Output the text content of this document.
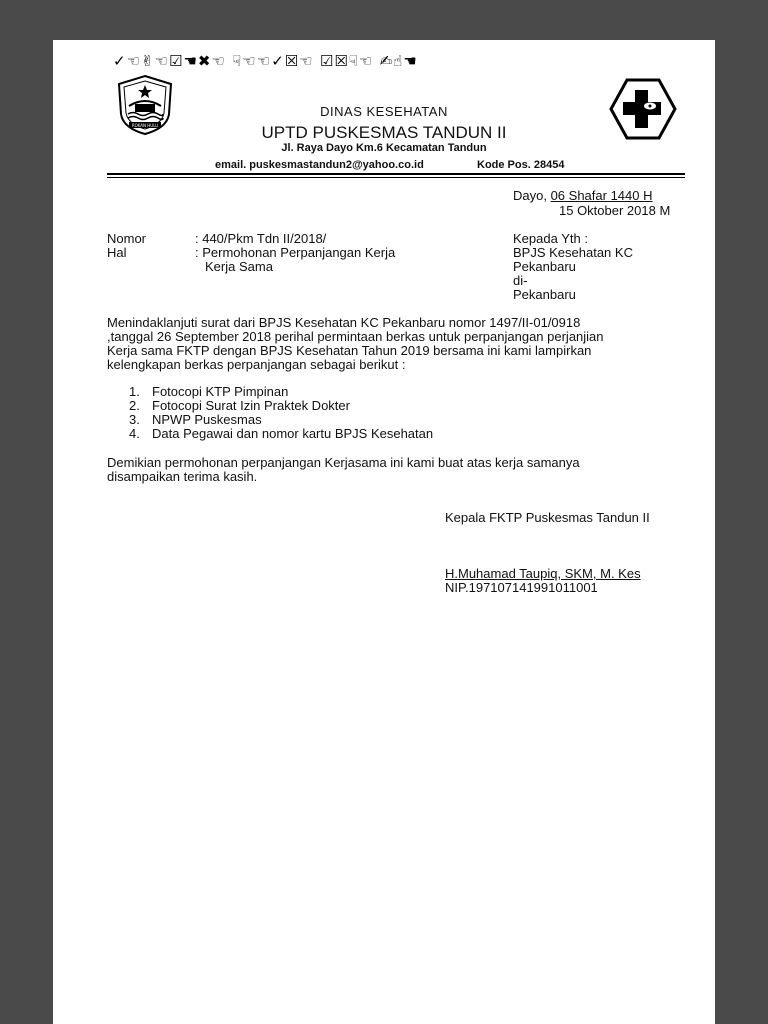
✓☜✌☜☑☚✖☜ ☟☜☜✓☒☜ ☑☒☟☜ ✍☝☚
ROKAN HULU
DINAS KESEHATAN
UPTD PUSKESMAS TANDUN II
Jl. Raya Dayo Km.6 Kecamatan Tandun
email. puskesmastandun2@yahoo.co.id	Kode Pos. 28454
Dayo, 06 Shafar 1440 H
15 Oktober 2018 M
Nomor	: 440/Pkm Tdn II/2018/
Hal	: Permohonan Perpanjangan Kerja
Kerja Sama
Kepada Yth :
BPJS Kesehatan KC
Pekanbaru
di-
Pekanbaru
Menindaklanjuti surat dari BPJS Kesehatan KC Pekanbaru nomor 1497/II-01/0918
,tanggal 26 September 2018 perihal permintaan berkas untuk perpanjangan perjanjian
Kerja sama FKTP dengan BPJS Kesehatan Tahun 2019 bersama ini kami lampirkan
kelengkapan berkas perpanjangan sebagai berikut :
1. Fotocopi KTP Pimpinan
2. Fotocopi Surat Izin Praktek Dokter
3. NPWP Puskesmas
4. Data Pegawai dan nomor kartu BPJS Kesehatan
Demikian permohonan perpanjangan Kerjasama ini kami buat atas kerja samanya
disampaikan terima kasih.
Kepala FKTP Puskesmas Tandun II
H.Muhamad Taupiq, SKM, M. Kes
NIP.197107141991011001
